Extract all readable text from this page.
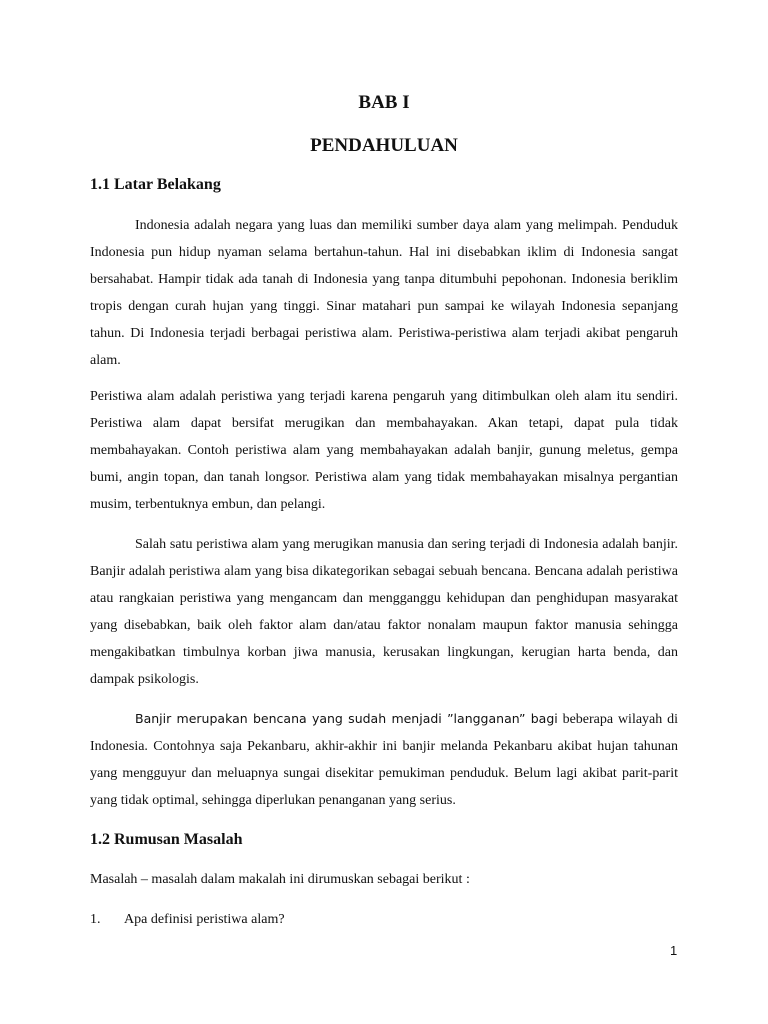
BAB I
PENDAHULUAN
1.1 Latar Belakang

Indonesia adalah negara yang luas dan memiliki sumber daya alam yang melimpah. Penduduk Indonesia pun hidup nyaman selama bertahun-tahun. Hal ini disebabkan iklim di Indonesia sangat bersahabat. Hampir tidak ada tanah di Indonesia yang tanpa ditumbuhi pepohonan. Indonesia beriklim tropis dengan curah hujan yang tinggi. Sinar matahari pun sampai ke wilayah Indonesia sepanjang tahun. Di Indonesia terjadi berbagai peristiwa alam. Peristiwa-peristiwa alam terjadi akibat pengaruh alam.

Peristiwa alam adalah peristiwa yang terjadi karena pengaruh yang ditimbulkan oleh alam itu sendiri. Peristiwa alam dapat bersifat merugikan dan membahayakan. Akan tetapi, dapat pula tidak membahayakan. Contoh peristiwa alam yang membahayakan adalah banjir, gunung meletus, gempa bumi, angin topan, dan tanah longsor. Peristiwa alam yang tidak membahayakan misalnya pergantian musim, terbentuknya embun, dan pelangi.

Salah satu peristiwa alam yang merugikan manusia dan sering terjadi di Indonesia adalah banjir. Banjir adalah peristiwa alam yang bisa dikategorikan sebagai sebuah bencana. Bencana adalah peristiwa atau rangkaian peristiwa yang mengancam dan mengganggu kehidupan dan penghidupan masyarakat yang disebabkan, baik oleh faktor alam dan/atau faktor nonalam maupun faktor manusia sehingga mengakibatkan timbulnya korban jiwa manusia, kerusakan lingkungan, kerugian harta benda, dan dampak psikologis.

Banjir merupakan bencana yang sudah menjadi ”langganan” bagi beberapa wilayah di Indonesia. Contohnya saja Pekanbaru, akhir-akhir ini banjir melanda Pekanbaru akibat hujan tahunan yang mengguyur dan meluapnya sungai disekitar pemukiman penduduk. Belum lagi akibat parit-parit yang tidak optimal, sehingga diperlukan penanganan yang serius.

1.2 Rumusan Masalah

Masalah – masalah dalam makalah ini dirumuskan sebagai berikut :

1. Apa definisi peristiwa alam?

1
